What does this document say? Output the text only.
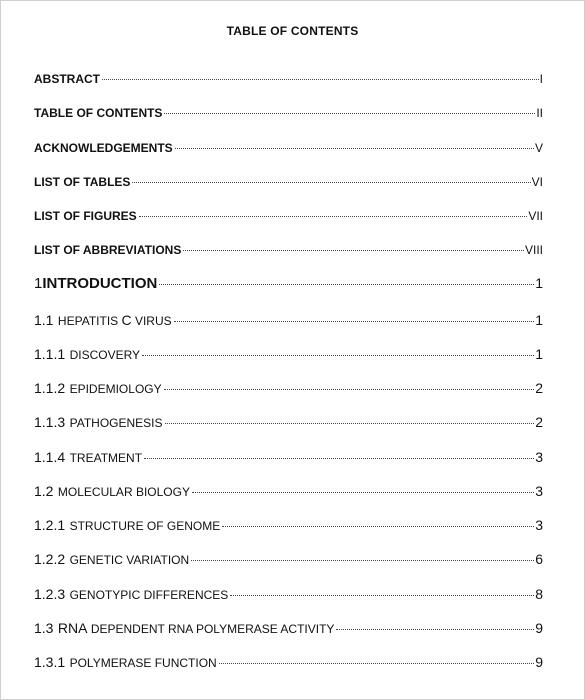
TABLE OF CONTENTS
ABSTRACT	I
TABLE OF CONTENTS	II
ACKNOWLEDGEMENTS	V
LIST OF TABLES	VI
LIST OF FIGURES	VII
LIST OF ABBREVIATIONS	VIII
1INTRODUCTION	1
1.1 HEPATITIS C VIRUS	1
1.1.1 DISCOVERY	1
1.1.2 EPIDEMIOLOGY	2
1.1.3 PATHOGENESIS	2
1.1.4 TREATMENT	3
1.2 MOLECULAR BIOLOGY	3
1.2.1 STRUCTURE OF GENOME	3
1.2.2 GENETIC VARIATION	6
1.2.3 GENOTYPIC DIFFERENCES	8
1.3 RNA DEPENDENT RNA POLYMERASE ACTIVITY	9
1.3.1 POLYMERASE FUNCTION	9
